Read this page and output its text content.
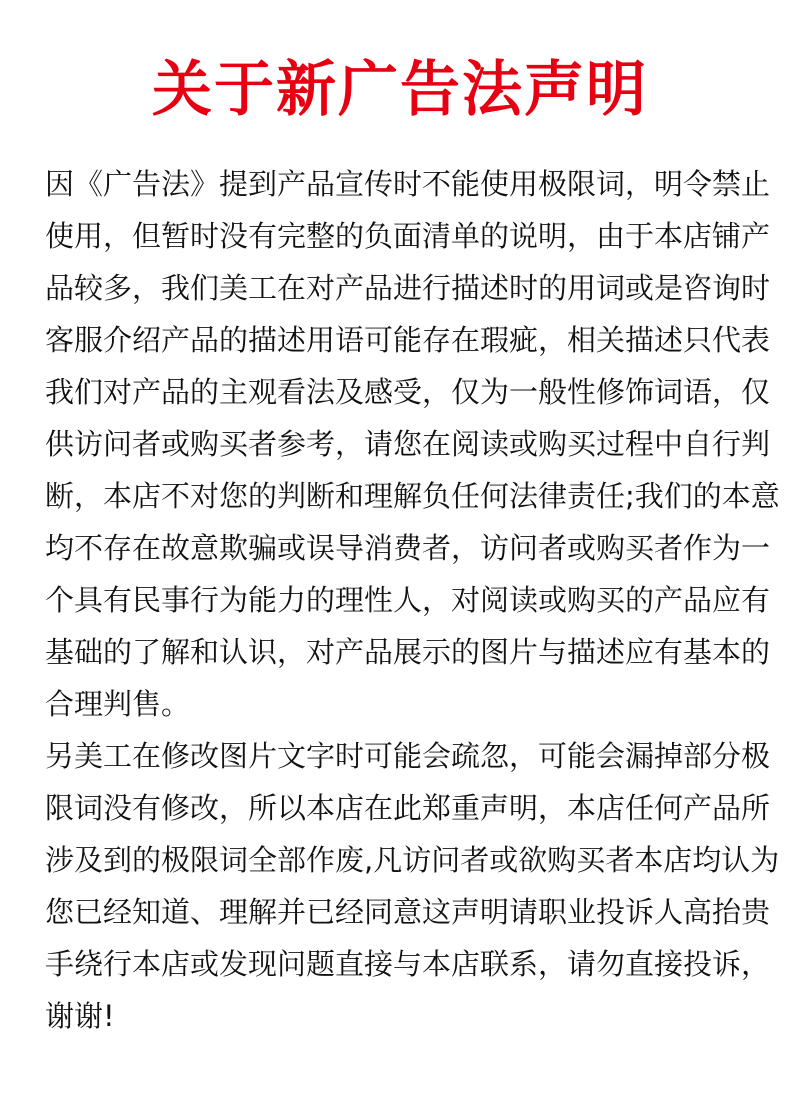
关于新广告法声明
因《广告法》提到产品宣传时不能使用极限词，明令禁止
使用，但暂时没有完整的负面清单的说明，由于本店铺产
品较多，我们美工在对产品进行描述时的用词或是咨询时
客服介绍产品的描述用语可能存在瑕疵，相关描述只代表
我们对产品的主观看法及感受，仅为一般性修饰词语，仅
供访问者或购买者参考，请您在阅读或购买过程中自行判
断，本店不对您的判断和理解负任何法律责任;我们的本意
均不存在故意欺骗或误导消费者，访问者或购买者作为一
个具有民事行为能力的理性人，对阅读或购买的产品应有
基础的了解和认识，对产品展示的图片与描述应有基本的
合理判售。
另美工在修改图片文字时可能会疏忽，可能会漏掉部分极
限词没有修改，所以本店在此郑重声明，本店任何产品所
涉及到的极限词全部作废,凡访问者或欲购买者本店均认为
您已经知道、理解并已经同意这声明请职业投诉人高抬贵
手绕行本店或发现问题直接与本店联系，请勿直接投诉，
谢谢!
